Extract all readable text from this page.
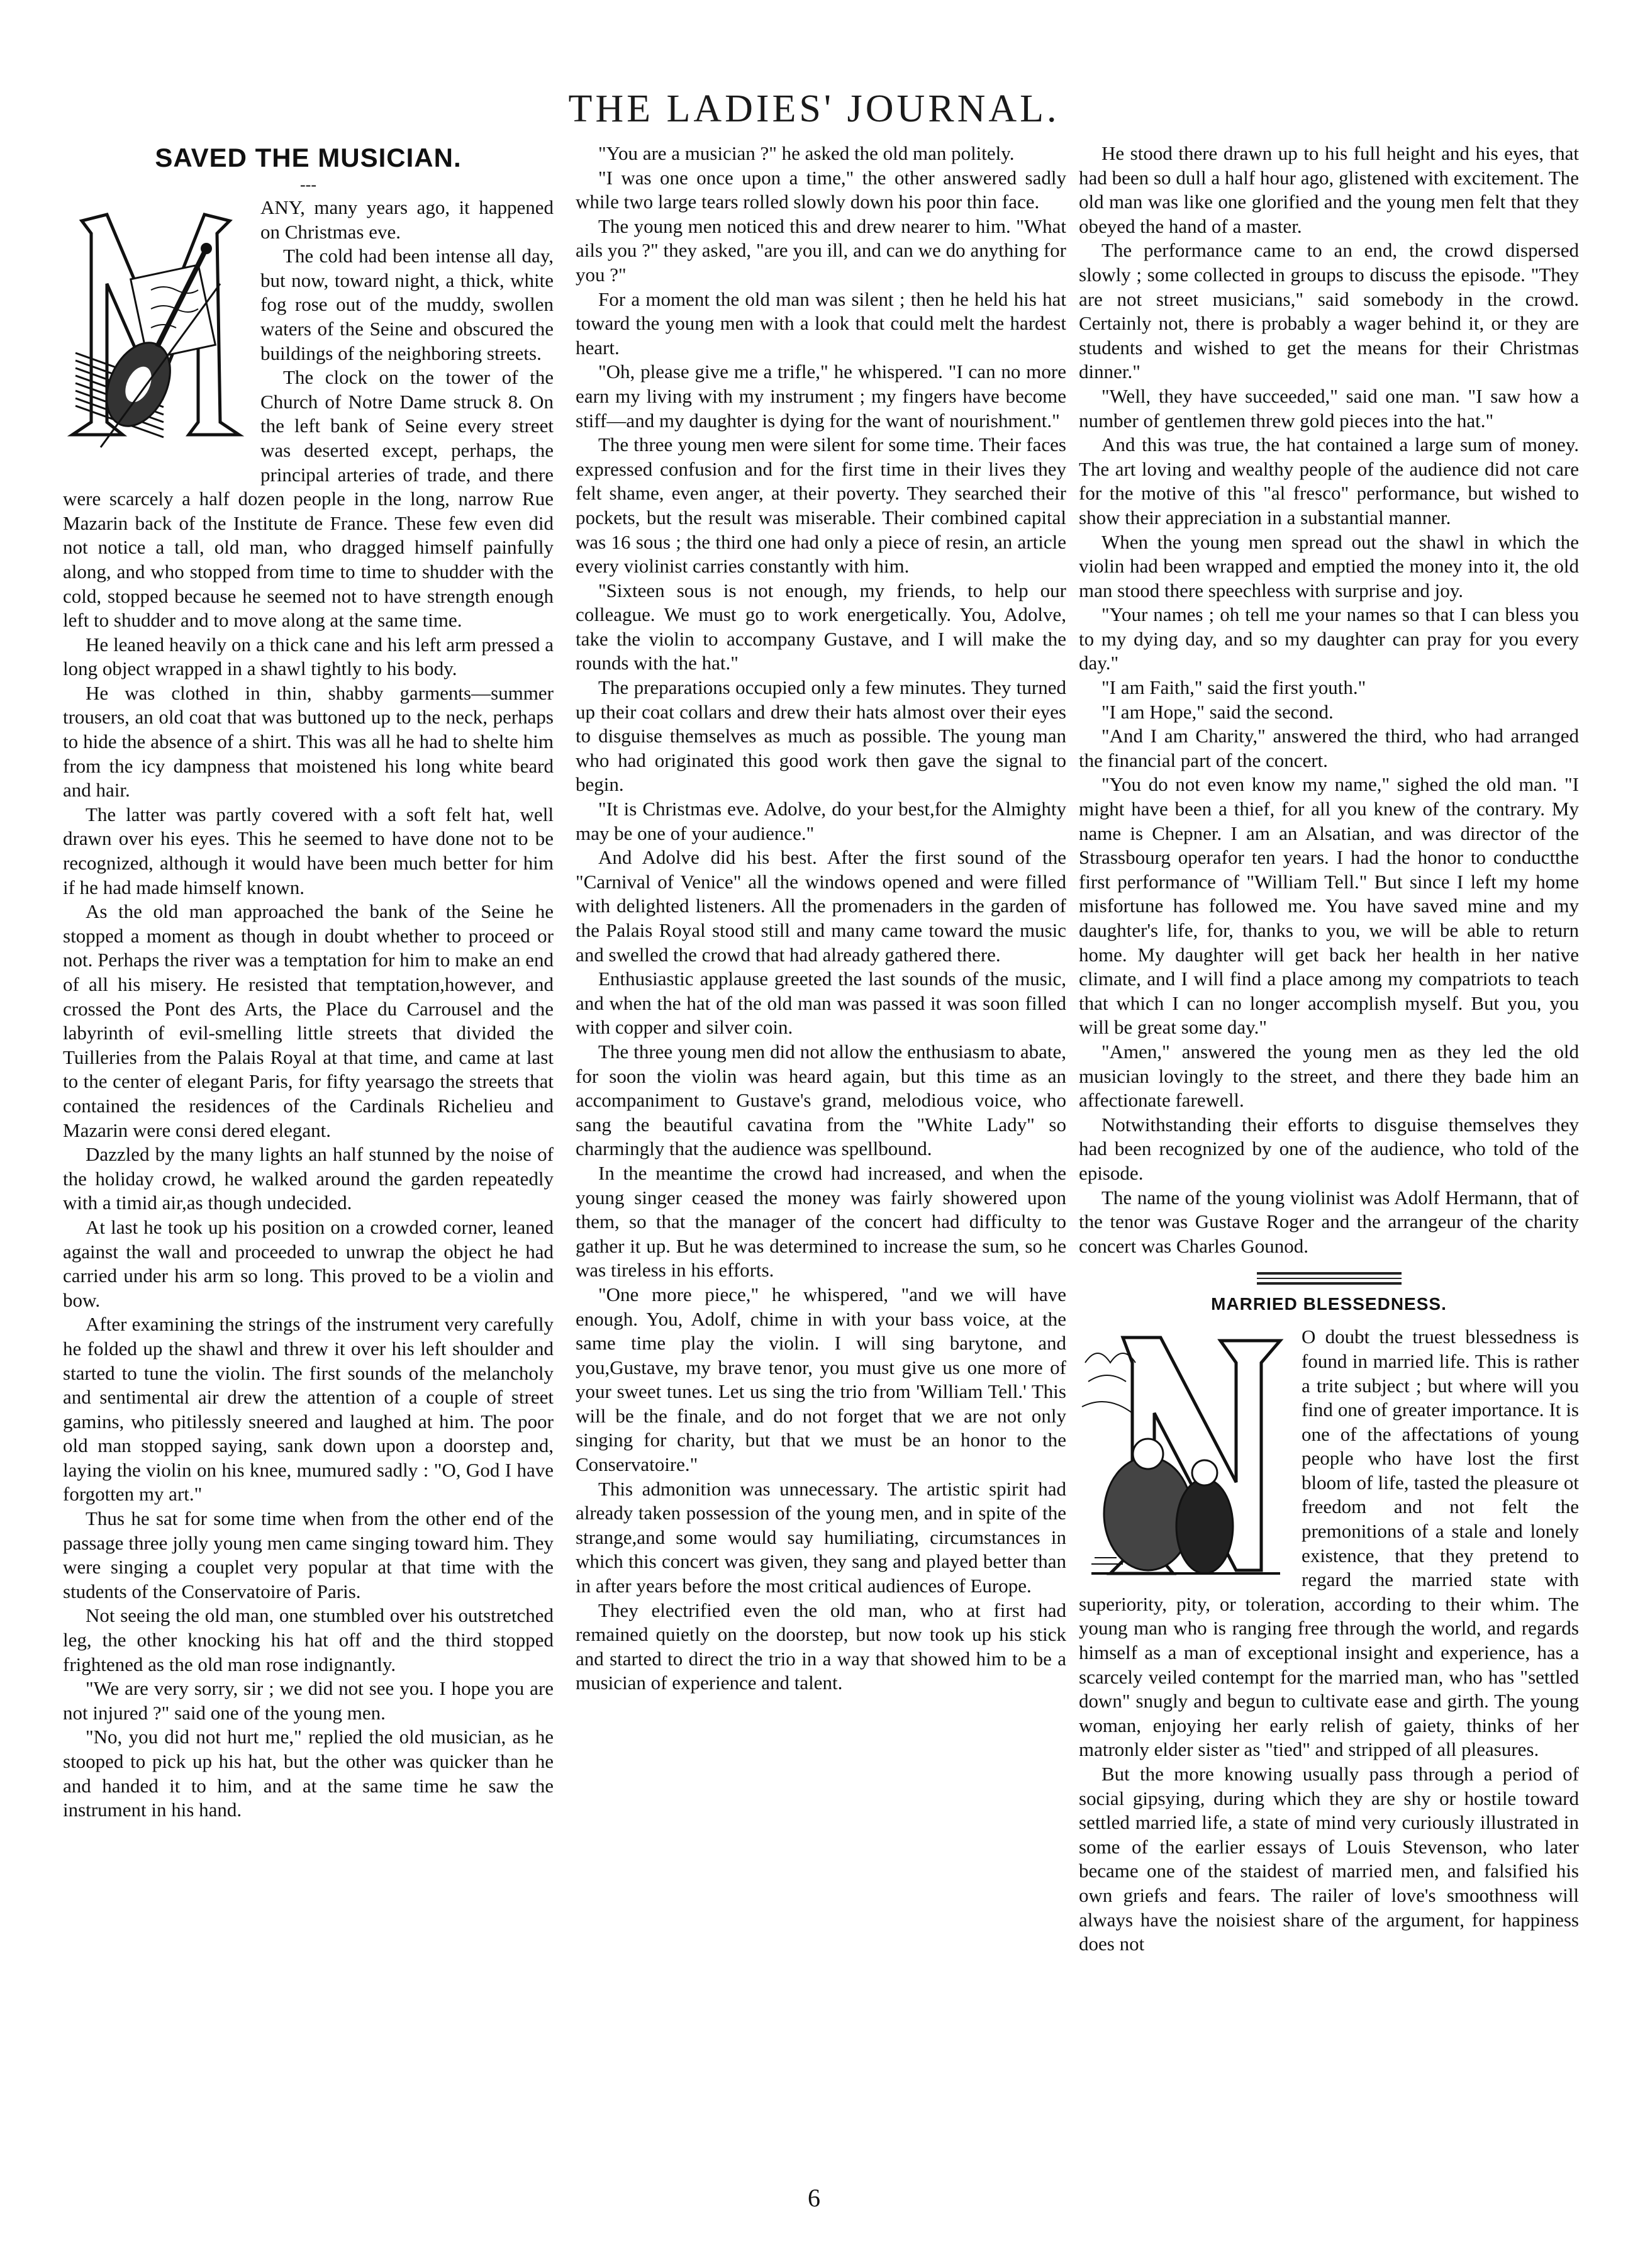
THE LADIES' JOURNAL.
SAVED THE MUSICIAN.
---

ANY, many years ago, it happened on Christmas eve.

The cold had been intense all day, but now, toward night, a thick, white fog rose out of the muddy, swollen waters of the Seine and obscured the buildings of the neighboring streets.

The clock on the tower of the Church of Notre Dame struck 8. On the left bank of Seine every street was deserted except, perhaps, the principal arteries of trade, and there were scarcely a half dozen people in the long, narrow Rue Mazarin back of the Institute de France. These few even did not notice a tall, old man, who dragged himself painfully along, and who stopped from time to time to shudder with the cold, stopped because he seemed not to have strength enough left to shudder and to move along at the same time.

He leaned heavily on a thick cane and his left arm pressed a long object wrapped in a shawl tightly to his body.

He was clothed in thin, shabby garments—summer trousers, an old coat that was buttoned up to the neck, perhaps to hide the absence of a shirt. This was all he had to shelte him from the icy dampness that moistened his long white beard and hair.

The latter was partly covered with a soft felt hat, well drawn over his eyes. This he seemed to have done not to be recognized, although it would have been much better for him if he had made himself known.

As the old man approached the bank of the Seine he stopped a moment as though in doubt whether to proceed or not. Perhaps the river was a temptation for him to make an end of all his misery. He resisted that temptation,however, and crossed the Pont des Arts, the Place du Carrousel and the labyrinth of evil-smelling little streets that divided the Tuilleries from the Palais Royal at that time, and came at last to the center of elegant Paris, for fifty yearsago the streets that contained the residences of the Cardinals Richelieu and Mazarin were consi dered elegant.

Dazzled by the many lights an half stunned by the noise of the holiday crowd, he walked around the garden repeatedly with a timid air,as though undecided.

At last he took up his position on a crowded corner, leaned against the wall and proceeded to unwrap the object he had carried under his arm so long. This proved to be a violin and bow.

After examining the strings of the instrument very carefully he folded up the shawl and threw it over his left shoulder and started to tune the violin. The first sounds of the melancholy and sentimental air drew the attention of a couple of street gamins, who pitilessly sneered and laughed at him. The poor old man stopped saying, sank down upon a doorstep and, laying the violin on his knee, mumured sadly : "O, God I have forgotten my art."

Thus he sat for some time when from the other end of the passage three jolly young men came singing toward him. They were singing a couplet very popular at that time with the students of the Conservatoire of Paris.

Not seeing the old man, one stumbled over his outstretched leg, the other knocking his hat off and the third stopped frightened as the old man rose indignantly.

"We are very sorry, sir ; we did not see you. I hope you are not injured ?" said one of the young men.

"No, you did not hurt me," replied the old musician, as he stooped to pick up his hat, but the other was quicker than he and handed it to him, and at the same time he saw the instrument in his hand.

"You are a musician ?" he asked the old man politely.

"I was one once upon a time," the other answered sadly while two large tears rolled slowly down his poor thin face.

The young men noticed this and drew nearer to him. "What ails you ?" they asked, "are you ill, and can we do anything for you ?"

For a moment the old man was silent ; then he held his hat toward the young men with a look that could melt the hardest heart.

"Oh, please give me a trifle," he whispered. "I can no more earn my living with my instrument ; my fingers have become stiff—and my daughter is dying for the want of nourishment."

The three young men were silent for some time. Their faces expressed confusion and for the first time in their lives they felt shame, even anger, at their poverty. They searched their pockets, but the result was miserable. Their combined capital was 16 sous ; the third one had only a piece of resin, an article every violinist carries constantly with him.

"Sixteen sous is not enough, my friends, to help our colleague. We must go to work energetically. You, Adolve, take the violin to accompany Gustave, and I will make the rounds with the hat."

The preparations occupied only a few minutes. They turned up their coat collars and drew their hats almost over their eyes to disguise themselves as much as possible. The young man who had originated this good work then gave the signal to begin.

"It is Christmas eve. Adolve, do your best,for the Almighty may be one of your audience."

And Adolve did his best. After the first sound of the "Carnival of Venice" all the windows opened and were filled with delighted listeners. All the promenaders in the garden of the Palais Royal stood still and many came toward the music and swelled the crowd that had already gathered there.

Enthusiastic applause greeted the last sounds of the music, and when the hat of the old man was passed it was soon filled with copper and silver coin.

The three young men did not allow the enthusiasm to abate, for soon the violin was heard again, but this time as an accompaniment to Gustave's grand, melodious voice, who sang the beautiful cavatina from the "White Lady" so charmingly that the audience was spellbound.

In the meantime the crowd had increased, and when the young singer ceased the money was fairly showered upon them, so that the manager of the concert had difficulty to gather it up. But he was determined to increase the sum, so he was tireless in his efforts.

"One more piece," he whispered, "and we will have enough. You, Adolf, chime in with your bass voice, at the same time play the violin. I will sing barytone, and you,Gustave, my brave tenor, you must give us one more of your sweet tunes. Let us sing the trio from 'William Tell.' This will be the finale, and do not forget that we are not only singing for charity, but that we must be an honor to the Conservatoire."

This admonition was unnecessary. The artistic spirit had already taken possession of the young men, and in spite of the strange,and some would say humiliating, circumstances in which this concert was given, they sang and played better than in after years before the most critical audiences of Europe.

They electrified even the old man, who at first had remained quietly on the doorstep, but now took up his stick and started to direct the trio in a way that showed him to be a musician of experience and talent.

He stood there drawn up to his full height and his eyes, that had been so dull a half hour ago, glistened with excitement. The old man was like one glorified and the young men felt that they obeyed the hand of a master.

The performance came to an end, the crowd dispersed slowly ; some collected in groups to discuss the episode. "They are not street musicians," said somebody in the crowd. Certainly not, there is probably a wager behind it, or they are students and wished to get the means for their Christmas dinner."

"Well, they have succeeded," said one man. "I saw how a number of gentlemen threw gold pieces into the hat."

And this was true, the hat contained a large sum of money. The art loving and wealthy people of the audience did not care for the motive of this "al fresco" performance, but wished to show their appreciation in a substantial manner.

When the young men spread out the shawl in which the violin had been wrapped and emptied the money into it, the old man stood there speechless with surprise and joy.

"Your names ; oh tell me your names so that I can bless you to my dying day, and so my daughter can pray for you every day."

"I am Faith," said the first youth."

"I am Hope," said the second.

"And I am Charity," answered the third, who had arranged the financial part of the concert.

"You do not even know my name," sighed the old man. "I might have been a thief, for all you knew of the contrary. My name is Chepner. I am an Alsatian, and was director of the Strassbourg operafor ten years. I had the honor to conductthe first performance of "William Tell." But since I left my home misfortune has followed me. You have saved mine and my daughter's life, for, thanks to you, we will be able to return home. My daughter will get back her health in her native climate, and I will find a place among my compatriots to teach that which I can no longer accomplish myself. But you, you will be great some day."

"Amen," answered the young men as they led the old musician lovingly to the street, and there they bade him an affectionate farewell.

Notwithstanding their efforts to disguise themselves they had been recognized by one of the audience, who told of the episode.

The name of the young violinist was Adolf Hermann, that of the tenor was Gustave Roger and the arrangeur of the charity concert was Charles Gounod.

MARRIED BLESSEDNESS.

O doubt the truest blessedness is found in married life. This is rather a trite subject ; but where will you find one of greater importance. It is one of the affectations of young people who have lost the first bloom of life, tasted the pleasure ot freedom and not felt the premonitions of a stale and lonely existence, that they pretend to regard the married state with superiority, pity, or toleration, according to their whim. The young man who is ranging free through the world, and regards himself as a man of exceptional insight and experience, has a scarcely veiled contempt for the married man, who has "settled down" snugly and begun to cultivate ease and girth. The young woman, enjoying her early relish of gaiety, thinks of her matronly elder sister as "tied" and stripped of all pleasures.

But the more knowing usually pass through a period of social gipsying, during which they are shy or hostile toward settled married life, a state of mind very curiously illustrated in some of the earlier essays of Louis Stevenson, who later became one of the staidest of married men, and falsified his own griefs and fears. The railer of love's smoothness will always have the noisiest share of the argument, for happiness does not

6
